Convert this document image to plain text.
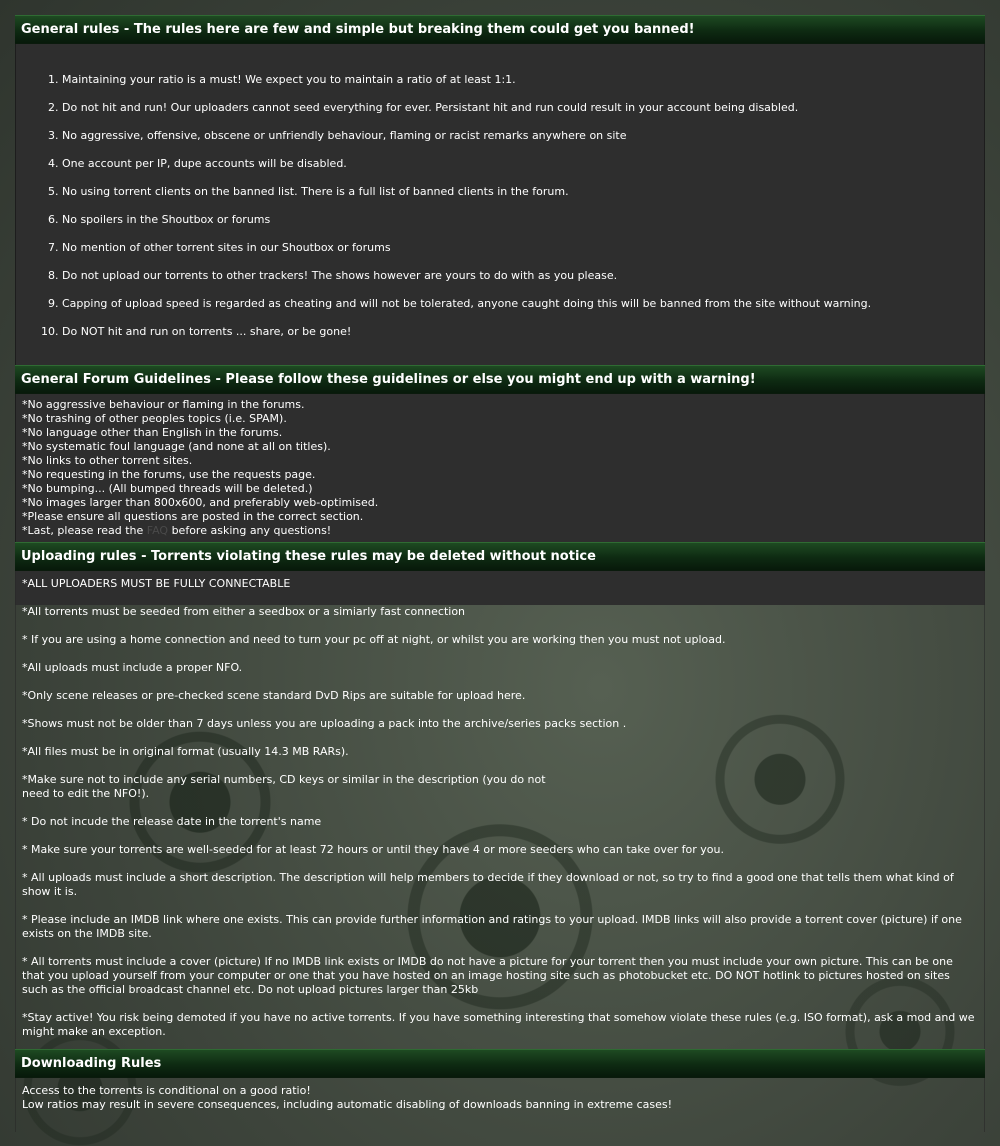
General rules - The rules here are few and simple but breaking them could get you banned!
1. Maintaining your ratio is a must! We expect you to maintain a ratio of at least 1:1.
2. Do not hit and run! Our uploaders cannot seed everything for ever. Persistant hit and run could result in your account being disabled.
3. No aggressive, offensive, obscene or unfriendly behaviour, flaming or racist remarks anywhere on site
4. One account per IP, dupe accounts will be disabled.
5. No using torrent clients on the banned list. There is a full list of banned clients in the forum.
6. No spoilers in the Shoutbox or forums
7. No mention of other torrent sites in our Shoutbox or forums
8. Do not upload our torrents to other trackers! The shows however are yours to do with as you please.
9. Capping of upload speed is regarded as cheating and will not be tolerated, anyone caught doing this will be banned from the site without warning.
10. Do NOT hit and run on torrents ... share, or be gone!
General Forum Guidelines - Please follow these guidelines or else you might end up with a warning!
*No aggressive behaviour or flaming in the forums.
*No trashing of other peoples topics (i.e. SPAM).
*No language other than English in the forums.
*No systematic foul language (and none at all on titles).
*No links to other torrent sites.
*No requesting in the forums, use the requests page.
*No bumping... (All bumped threads will be deleted.)
*No images larger than 800x600, and preferably web-optimised.
*Please ensure all questions are posted in the correct section.
*Last, please read the FAQ before asking any questions!
Uploading rules - Torrents violating these rules may be deleted without notice

*ALL UPLOADERS MUST BE FULLY CONNECTABLE

*All torrents must be seeded from either a seedbox or a simiarly fast connection

* If you are using a home connection and need to turn your pc off at night, or whilst you are working then you must not upload.

*All uploads must include a proper NFO.

*Only scene releases or pre-checked scene standard DvD Rips are suitable for upload here.

*Shows must not be older than 7 days unless you are uploading a pack into the archive/series packs section .

*All files must be in original format (usually 14.3 MB RARs).

*Make sure not to include any serial numbers, CD keys or similar in the description (you do not
need to edit the NFO!).

* Do not incude the release date in the torrent's name

* Make sure your torrents are well-seeded for at least 72 hours or until they have 4 or more seeders who can take over for you.

* All uploads must include a short description. The description will help members to decide if they download or not, so try to find a good one that tells them what kind of show it is.

* Please include an IMDB link where one exists. This can provide further information and ratings to your upload. IMDB links will also provide a torrent cover (picture) if one exists on the IMDB site.

* All torrents must include a cover (picture) If no IMDB link exists or IMDB do not have a picture for your torrent then you must include your own picture. This can be one that you upload yourself from your computer or one that you have hosted on an image hosting site such as photobucket etc. DO NOT hotlink to pictures hosted on sites such as the official broadcast channel etc. Do not upload pictures larger than 25kb

*Stay active! You risk being demoted if you have no active torrents. If you have something interesting that somehow violate these rules (e.g. ISO format), ask a mod and we might make an exception.

Downloading Rules
Access to the torrents is conditional on a good ratio!
Low ratios may result in severe consequences, including automatic disabling of downloads banning in extreme cases!
